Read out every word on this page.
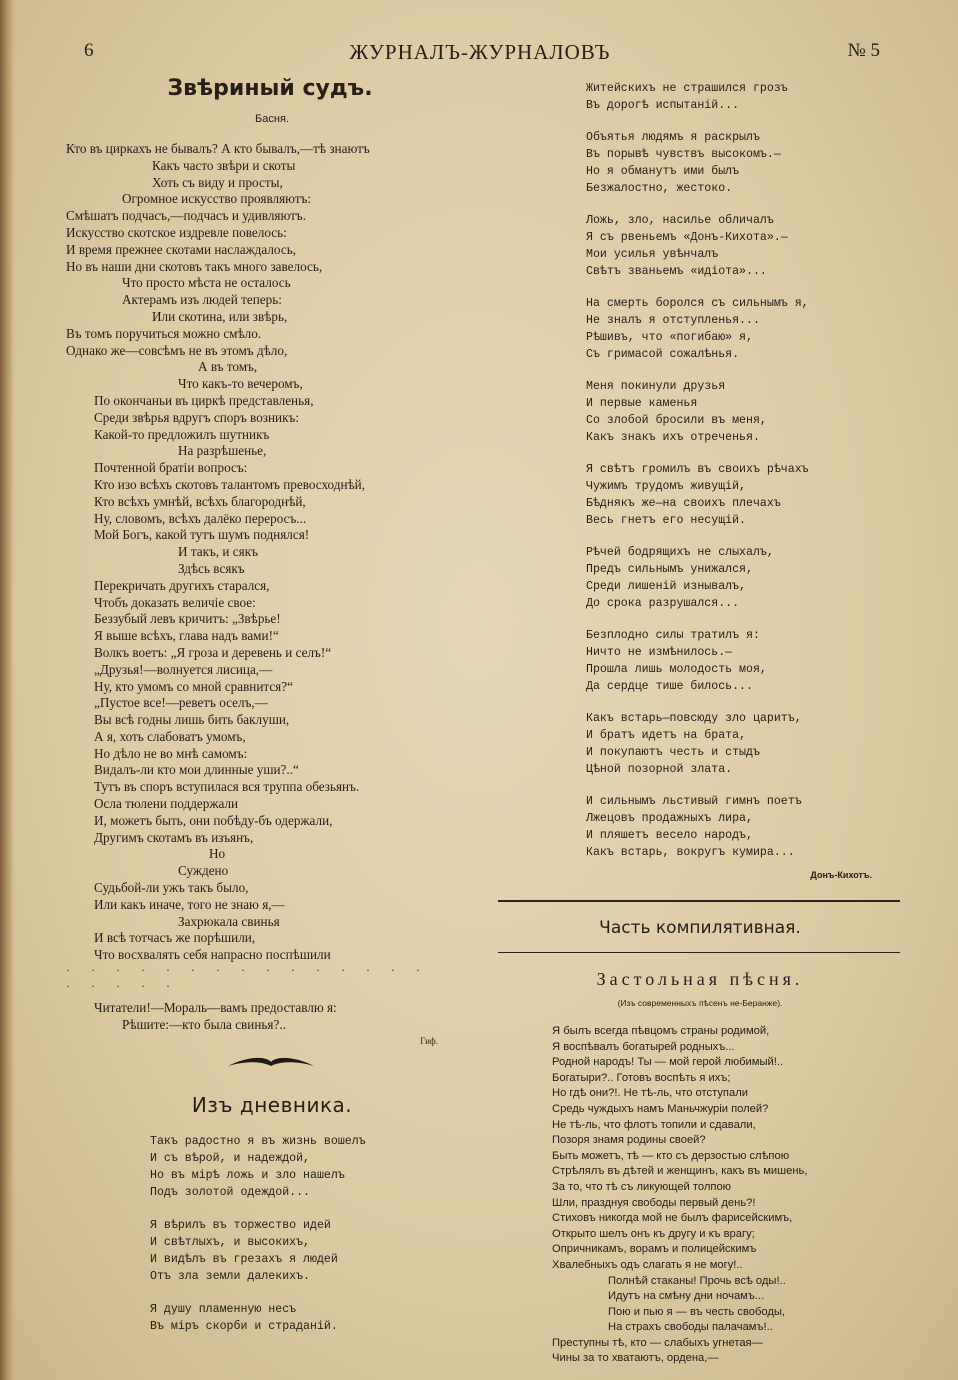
6	ЖУРНАЛЪ-ЖУРНАЛОВЪ	№ 5
Звѣриный судъ.
Басня.
Кто въ циркахъ не бывалъ? А кто бывалъ,—тѣ знаютъ
Какъ часто звѣри и скоты
Хоть съ виду и просты,
Огромное искусство проявляютъ:
Смѣшатъ подчасъ,—подчасъ и удивляютъ.
Искусство скотское издревле повелось:
И время прежнее скотами наслаждалось,
Но въ наши дни скотовъ такъ много завелось,
Что просто мѣста не осталось
Актерамъ изъ людей теперь:
Или скотина, или звѣрь,
Въ томъ поручиться можно смѣло.
Однако же—совсѣмъ не въ этомъ дѣло,
А въ томъ,
Что какъ-то вечеромъ,
По окончаньи въ циркѣ представленья,
Среди звѣрья вдругъ споръ возникъ:
Какой-то предложилъ шутникъ
На разрѣшенье,
Почтенной братіи вопросъ:
Кто изо всѣхъ скотовъ талантомъ превосходнѣй,
Кто всѣхъ умнѣй, всѣхъ благороднѣй,
Ну, словомъ, всѣхъ далёко переросъ...
Мой Богъ, какой тутъ шумъ поднялся!
И такъ, и сякъ
Здѣсь всякъ
Перекричать другихъ старался,
Чтобъ доказать величіе свое:
Беззубый левъ кричитъ: „Звѣрье!
Я выше всѣхъ, глава надъ вами!“
Волкъ воетъ: „Я гроза и деревень и селъ!“
„Друзья!—волнуется лисица,—
Ну, кто умомъ со мной сравнится?“
„Пустое все!—реветъ оселъ,—
Вы всѣ годны лишь бить баклуши,
А я, хоть слабоватъ умомъ,
Но дѣло не во мнѣ самомъ:
Видалъ-ли кто мои длинные уши?..“
Тутъ въ споръ вступилася вся труппа обезьянъ.
Осла тюлени поддержали
И, можетъ быть, они побѣду-бъ одержали,
Другимъ скотамъ въ изъянъ,
Но
Суждено
Судьбой-ли ужъ такъ было,
Или какъ иначе, того не знаю я,—
Захрюкала свинья
И всѣ тотчасъ же порѣшили,
Что восхвалять себя напрасно поспѣшили
· · · · · · · · · · · · · · · · · · · ·
Читатели!—Мораль—вамъ предоставлю я:
Рѣшите:—кто была свинья?..
Гиф.
Изъ дневника.
Такъ радостно я въ жизнь вошелъ
И съ вѣрой, и надеждой,
Но въ мірѣ ложь и зло нашелъ
Подъ золотой одеждой...
Я вѣрилъ въ торжество идей
И свѣтлыхъ, и высокихъ,
И видѣлъ въ грезахъ я людей
Отъ зла земли далекихъ.
Я душу пламенную несъ
Въ міръ скорби и страданій.
Житейскихъ не страшился грозъ
Въ дорогѣ испытаній...
Объятья людямъ я раскрылъ
Въ порывѣ чувствъ высокомъ.—
Но я обманутъ ими былъ
Безжалостно, жестоко.
Ложь, зло, насилье обличалъ
Я съ рвеньемъ «Донъ-Кихота».—
Мои усилья увѣнчалъ
Свѣтъ званьемъ «идіота»...
На смерть боролся съ сильнымъ я,
Не зналъ я отступленья...
Рѣшивъ, что «погибаю» я,
Съ гримасой сожалѣнья.
Меня покинули друзья
И первые каменья
Со злобой бросили въ меня,
Какъ знакъ ихъ отреченья.
Я свѣтъ громилъ въ своихъ рѣчахъ
Чужимъ трудомъ живущій,
Бѣднякъ же—на своихъ плечахъ
Весь гнетъ его несущій.
Рѣчей бодрящихъ не слыхалъ,
Предъ сильнымъ унижался,
Среди лишеній изнывалъ,
До срока разрушался...
Безплодно силы тратилъ я:
Ничто не измѣнилось.—
Прошла лишь молодость моя,
Да сердце тише билось...
Какъ встарь—повсюду зло царитъ,
И братъ идетъ на брата,
И покупаютъ честь и стыдъ
Цѣной позорной злата.
И сильнымъ льстивый гимнъ поетъ
Лжецовъ продажныхъ лира,
И пляшетъ весело народъ,
Какъ встарь, вокругъ кумира...
Донъ-Кихотъ.
Часть компилятивная.
Застольная пѣсня.
(Изъ современныхъ пѣсенъ не-Беранже).
Я былъ всегда пѣвцомъ страны родимой,
Я воспѣвалъ богатырей родныхъ...
Родной народъ! Ты — мой герой любимый!..
Богатыри?.. Готовъ воспѣть я ихъ;
Но гдѣ они?!. Не тѣ-ль, что отступали
Средь чуждыхъ намъ Маньчжуріи полей?
Не тѣ-ль, что флотъ топили и сдавали,
Позоря знамя родины своей?
Быть можетъ, тѣ — кто съ дерзостью слѣпою
Стрѣлялъ въ дѣтей и женщинъ, какъ въ мишень,
За то, что тѣ съ ликующей толпою
Шли, празднуя свободы первый день?!
Стиховъ никогда мой не былъ фарисейскимъ,
Открыто шелъ онъ къ другу и къ врагу;
Опричникамъ, ворамъ и полицейскимъ
Хвалебныхъ одъ слагать я не могу!..
Полнѣй стаканы! Прочь всѣ оды!..
Идутъ на смѣну дни ночамъ...
Пою и пью я — въ честь свободы,
На страхъ свободы палачамъ!..
Преступны тѣ, кто — слабыхъ угнетая—
Чины за то хватаютъ, ордена,—
